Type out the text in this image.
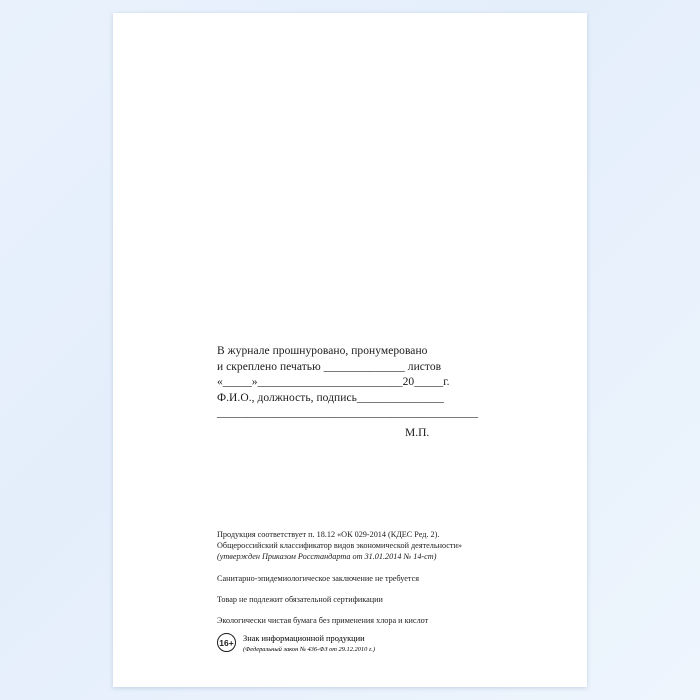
В журнале прошнуровано, пронумеровано
и скреплено печатью ______________ листов
«_____»_________________________20_____г.
Ф.И.О., должность, подпись_______________
_____________________________________________
М.П.
Продукция соответствует п. 18.12 «ОК 029-2014 (КДЕС Ред. 2).
Общероссийский классификатор видов экономической деятельности»
(утвержден Приказом Росстандарта от 31.01.2014 № 14-ст)
Санитарно-эпидемиологическое заключение не требуется
Товар не подлежит обязательной сертификации
Экологически чистая бумага без применения хлора и кислот
16+ Знак информационной продукции
(Федеральный закон № 436-ФЗ от 29.12.2010 г.)
